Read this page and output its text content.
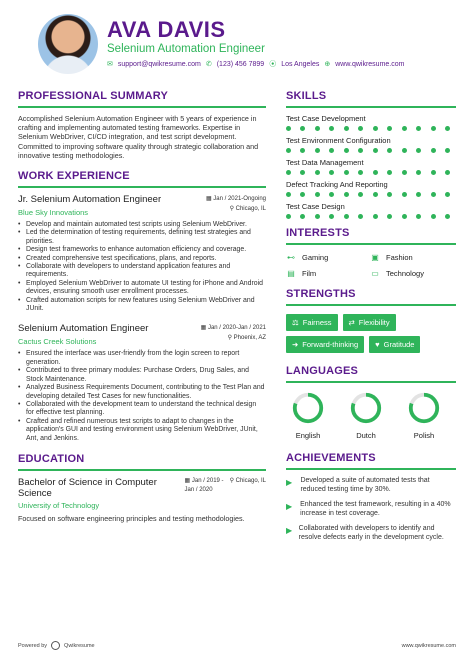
AVA DAVIS
Selenium Automation Engineer
✉ support@qwikresume.com ✆ (123) 456 7899 ⦿ Los Angeles ⊕ www.qwikresume.com
PROFESSIONAL SUMMARY

Accomplished Selenium Automation Engineer with 5 years of experience in crafting and implementing automated testing frameworks. Expertise in Selenium WebDriver, CI/CD integration, and test script development. Committed to improving software quality through strategic collaboration and innovative testing methodologies.

WORK EXPERIENCE
Jr. Selenium Automation Engineer	▦ Jan / 2021-Ongoing
⚲ Chicago, IL
Blue Sky Innovations
• Develop and maintain automated test scripts using Selenium WebDriver.
• Led the determination of testing requirements, defining test strategies and priorities.
• Design test frameworks to enhance automation efficiency and coverage.
• Created comprehensive test specifications, plans, and reports.
• Collaborate with developers to understand application features and requirements.
• Employed Selenium WebDriver to automate UI testing for iPhone and Android devices, ensuring smooth user enrollment processes.
• Crafted automation scripts for new features using Selenium WebDriver and JUnit.
Selenium Automation Engineer	▦ Jan / 2020-Jan / 2021
⚲ Phoenix, AZ
Cactus Creek Solutions
• Ensured the interface was user-friendly from the login screen to report generation.
• Contributed to three primary modules: Purchase Orders, Drug Sales, and Stock Maintenance.
• Analyzed Business Requirements Document, contributing to the Test Plan and developing detailed Test Cases for new functionalities.
• Collaborated with the development team to understand the technical design for effective test planning.
• Crafted and refined numerous test scripts to adapt to changes in the application's GUI and testing environment using Selenium WebDriver, JUnit, Ant, and Jenkins.
EDUCATION
Bachelor of Science in Computer Science
▦ Jan / 2019 -
Jan / 2020
⚲ Chicago, IL
University of Technology

Focused on software engineering principles and testing methodologies.

SKILLS
Test Case Development
Test Environment Configuration
Test Data Management
Defect Tracking And Reporting
Test Case Design
INTERESTS
⊷ Gaming	▣ Fashion
▤ Film	▭ Technology
STRENGTHS
⚖ Fairness ⇄ Flexibility
➜ Forward-thinking ♥ Gratitude
LANGUAGES
English	Dutch	Polish
ACHIEVEMENTS
▶	Developed a suite of automated tests that reduced testing time by 30%.
▶ Enhanced the test framework, resulting in a 40% increase in test coverage.
▶ Collaborated with developers to identify and resolve defects early in the development cycle.
Powered by	Qwikresume	www.qwikresume.com
